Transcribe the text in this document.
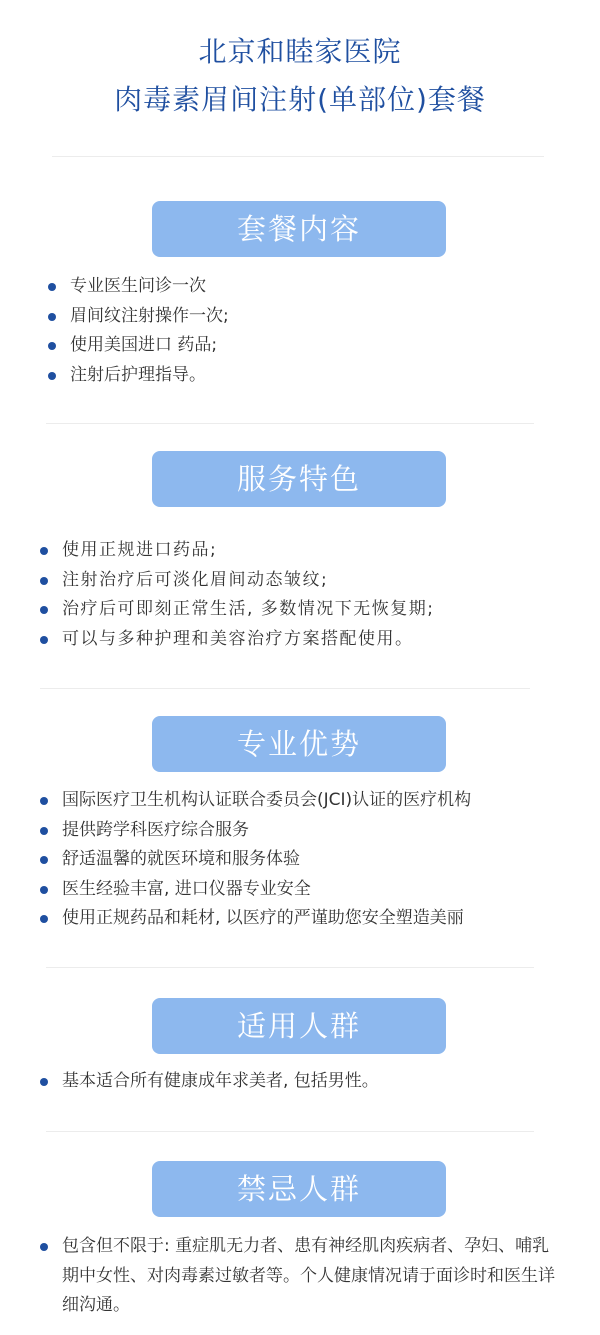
北京和睦家医院
肉毒素眉间注射(单部位)套餐
套餐内容
专业医生问诊一次
眉间纹注射操作一次;
使用美国进口 药品;
注射后护理指导。
服务特色
使用正规进口药品;
注射治疗后可淡化眉间动态皱纹;
治疗后可即刻正常生活, 多数情况下无恢复期;
可以与多种护理和美容治疗方案搭配使用。
专业优势
国际医疗卫生机构认证联合委员会(JCI)认证的医疗机构
提供跨学科医疗综合服务
舒适温馨的就医环境和服务体验
医生经验丰富, 进口仪器专业安全
使用正规药品和耗材, 以医疗的严谨助您安全塑造美丽
适用人群
基本适合所有健康成年求美者, 包括男性。
禁忌人群
包含但不限于: 重症肌无力者、患有神经肌肉疾病者、孕妇、哺乳期中女性、对肉毒素过敏者等。个人健康情况请于面诊时和医生详细沟通。
